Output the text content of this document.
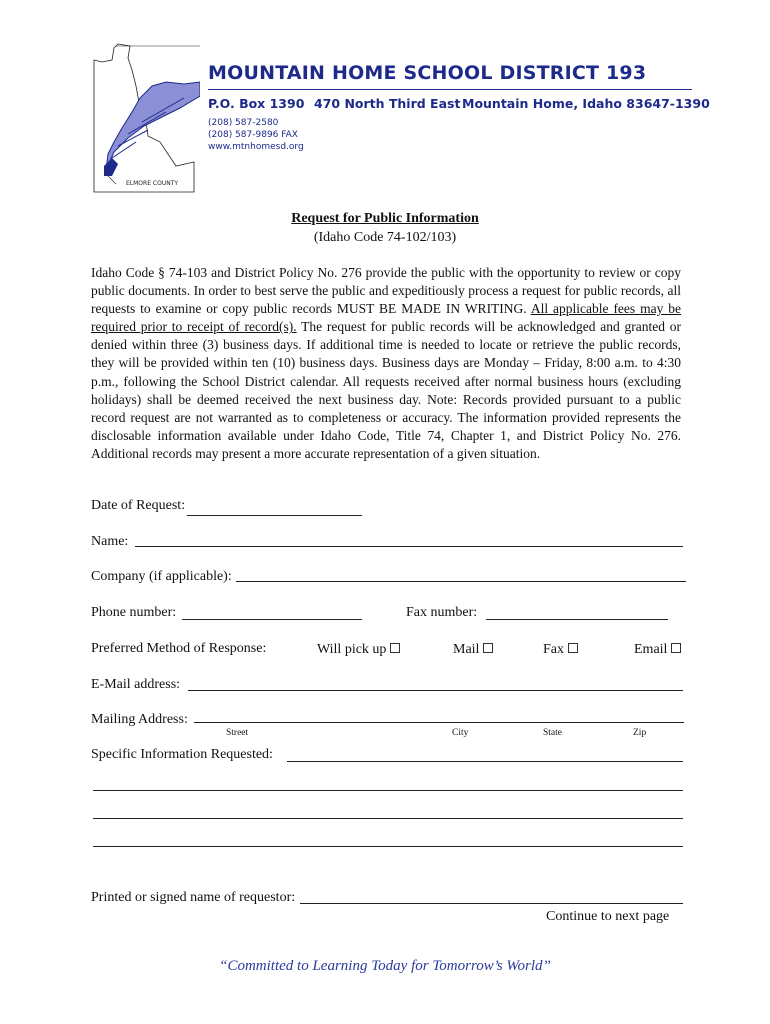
ELMORE COUNTY
MOUNTAIN HOME SCHOOL DISTRICT 193
P.O. Box 1390 470 North Third East Mountain Home, Idaho 83647-1390
(208) 587-2580
(208) 587-9896 FAX
www.mtnhomesd.org
Request for Public Information
(Idaho Code 74-102/103)

Idaho Code § 74-103 and District Policy No. 276 provide the public with the opportunity to review or copy public documents. In order to best serve the public and expeditiously process a request for public records, all requests to examine or copy public records MUST BE MADE IN WRITING. All applicable fees may be required prior to receipt of record(s). The request for public records will be acknowledged and granted or denied within three (3) business days. If additional time is needed to locate or retrieve the public records, they will be provided within ten (10) business days. Business days are Monday – Friday, 8:00 a.m. to 4:30 p.m., following the School District calendar. All requests received after normal business hours (excluding holidays) shall be deemed received the next business day. Note: Records provided pursuant to a public record request are not warranted as to completeness or accuracy. The information provided represents the disclosable information available under Idaho Code, Title 74, Chapter 1, and District Policy No. 276. Additional records may present a more accurate representation of a given situation.

Date of Request:
Name:
Company (if applicable):
Phone number:	Fax number:
Preferred Method of Response:	Will pick up	Mail	Fax	Email
E-Mail address:
Mailing Address:
Street	City	State	Zip
Specific Information Requested:
Printed or signed name of requestor:
Continue to next page
“Committed to Learning Today for Tomorrow’s World”
